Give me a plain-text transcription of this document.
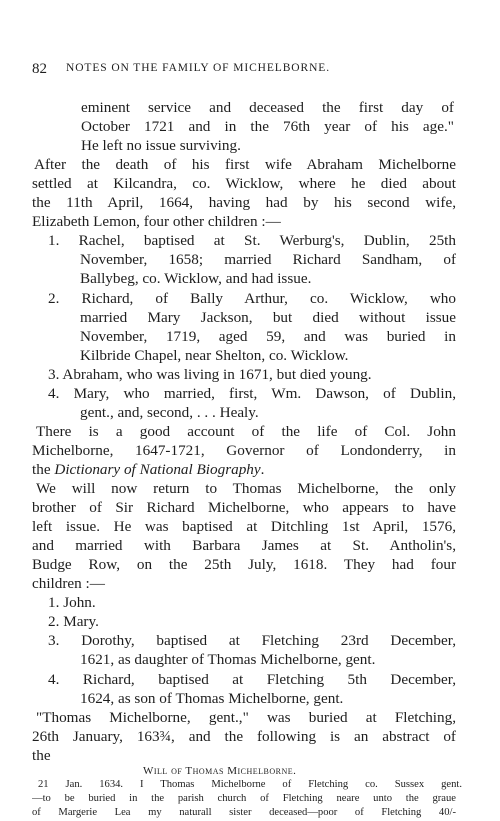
82 NOTES ON THE FAMILY OF MICHELBORNE.
eminent service and deceased the first day of
October 1721 and in the 76th year of his age."
He left no issue surviving.
After the death of his first wife Abraham Michelborne
settled at Kilcandra, co. Wicklow, where he died about
the 11th April, 1664, having had by his second wife,
Elizabeth Lemon, four other children :—
1. Rachel, baptised at St. Werburg's, Dublin, 25th
November, 1658; married Richard Sandham, of
Ballybeg, co. Wicklow, and had issue.
2. Richard, of Bally Arthur, co. Wicklow, who
married Mary Jackson, but died without issue
November, 1719, aged 59, and was buried in
Kilbride Chapel, near Shelton, co. Wicklow.
3. Abraham, who was living in 1671, but died young.
4. Mary, who married, first, Wm. Dawson, of Dublin,
gent., and, second, . . . Healy.
There is a good account of the life of Col. John
Michelborne, 1647-1721, Governor of Londonderry, in
the Dictionary of National Biography.
We will now return to Thomas Michelborne, the only
brother of Sir Richard Michelborne, who appears to have
left issue. He was baptised at Ditchling 1st April, 1576,
and married with Barbara James at St. Antholin's,
Budge Row, on the 25th July, 1618. They had four
children :—
1. John.
2. Mary.
3. Dorothy, baptised at Fletching 23rd December,
1621, as daughter of Thomas Michelborne, gent.
4. Richard, baptised at Fletching 5th December,
1624, as son of Thomas Michelborne, gent.
"Thomas Michelborne, gent.," was buried at Fletching,
26th January, 163¾, and the following is an abstract of
the
Will of Thomas Michelborne.
21 Jan. 1634. I Thomas Michelborne of Fletching co. Sussex gent.
—to be buried in the parish church of Fletching neare unto the graue
of Margerie Lea my naturall sister deceased—poor of Fletching 40/-
